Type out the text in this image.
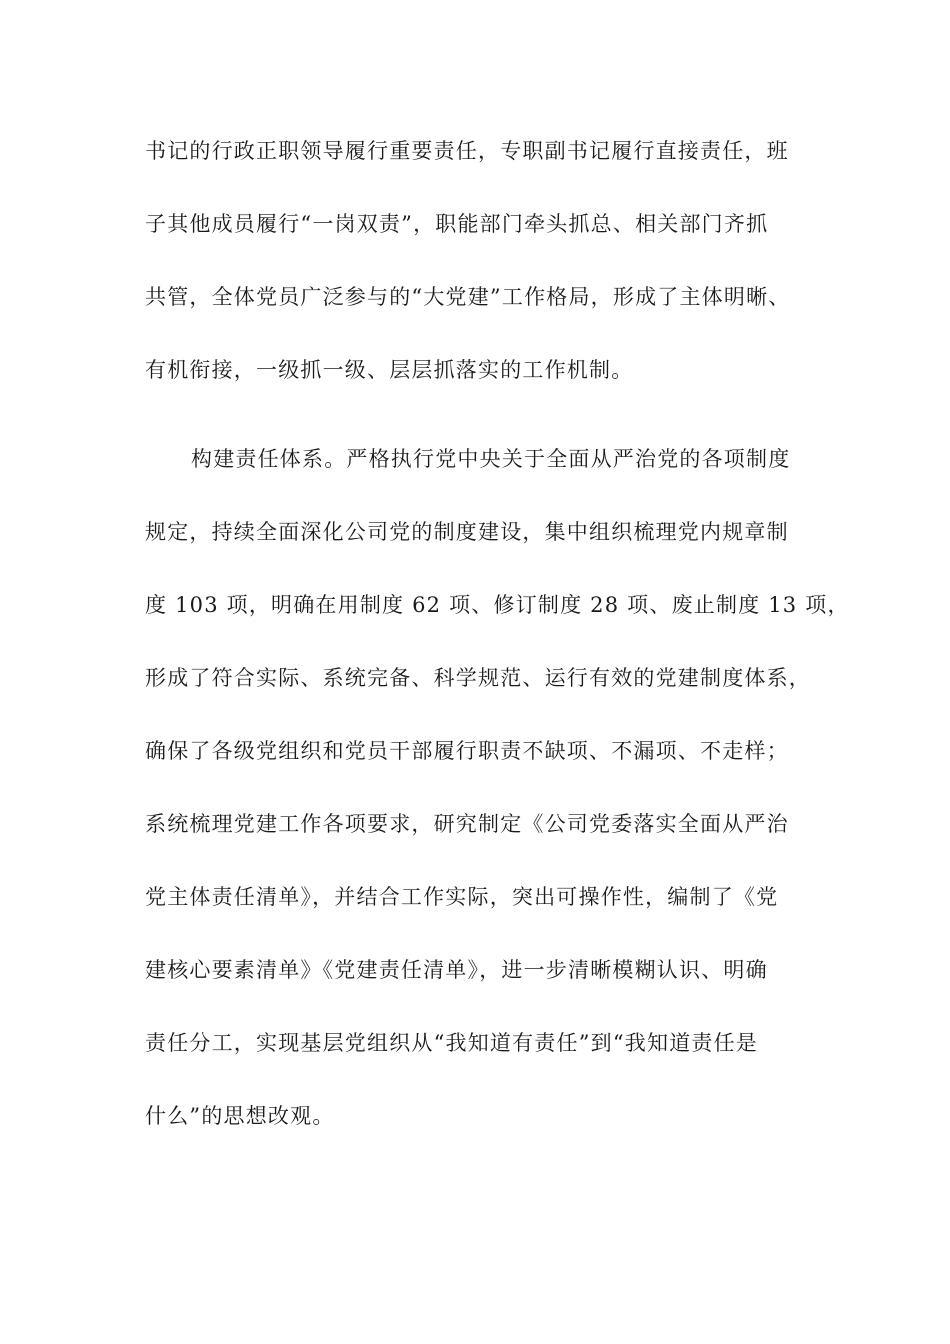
书记的行政正职领导履行重要责任，专职副书记履行直接责任，班
子其他成员履行“一岗双责”，职能部门牵头抓总、相关部门齐抓
共管，全体党员广泛参与的“大党建”工作格局，形成了主体明晰、
有机衔接，一级抓一级、层层抓落实的工作机制。
构建责任体系。严格执行党中央关于全面从严治党的各项制度
规定，持续全面深化公司党的制度建设，集中组织梳理党内规章制
度 103 项，明确在用制度 62 项、修订制度 28 项、废止制度 13 项，
形成了符合实际、系统完备、科学规范、运行有效的党建制度体系，
确保了各级党组织和党员干部履行职责不缺项、不漏项、不走样；
系统梳理党建工作各项要求，研究制定《公司党委落实全面从严治
党主体责任清单》，并结合工作实际，突出可操作性，编制了《党
建核心要素清单》《党建责任清单》，进一步清晰模糊认识、明确
责任分工，实现基层党组织从“我知道有责任”到“我知道责任是
什么”的思想改观。
